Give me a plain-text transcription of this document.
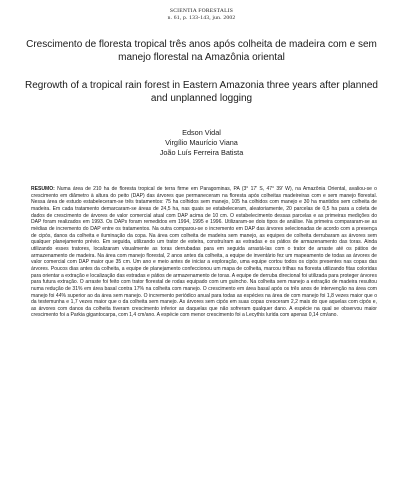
SCIENTIA FORESTALIS
n. 61, p. 133-143, jun. 2002
Crescimento de floresta tropical três anos após colheita de madeira com e sem manejo florestal na Amazônia oriental
Regrowth of a tropical rain forest in Eastern Amazonia three years after planned and unplanned logging
Edson Vidal
Virgílio Maurício Viana
João Luís Ferreira Batista

RESUMO: Numa área de 210 ha de floresta tropical de terra firme em Paragominas, PA (3° 17' S, 47° 39' W), na Amazônia Oriental, avaliou-se o crescimento em diâmetro à altura do peito (DAP) das árvores que permaneceram na floresta após colheitas madeireiras com e sem manejo florestal. Nessa área de estudo estabeleceram-se três tratamentos: 75 ha colhidos sem manejo, 105 ha colhidos com manejo e 30 ha mantidos sem colheita de madeira. Em cada tratamento demarcaram-se áreas de 24,5 ha, nas quais se estabeleceram, aleatoriamente, 20 parcelas de 0,5 ha para a coleta de dados de crescimento de árvores de valor comercial atual com DAP acima de 10 cm. O estabelecimento dessas parcelas e as primeiras medições do DAP foram realizados em 1993. Os DAPs foram remedidos em 1994, 1995 e 1996. Utilizaram-se dois tipos de análise. Na primeira compararam-se as médias de incremento do DAP entre os tratamentos. Na outra comparou-se o incremento em DAP das árvores selecionadas de acordo com a presença de cipós, danos da colheita e iluminação da copa. Na área com colheita de madeira sem manejo, as equipes de colheita derrubaram as árvores sem qualquer planejamento prévio. Em seguida, utilizando um trator de esteira, construíram as estradas e os pátios de armazenamento das toras. Ainda utilizando esses tratores, localizaram visualmente as toras derrubadas para em seguida arrastá-las com o trator de arraste até os pátios de armazenamento de madeira. Na área com manejo florestal, 2 anos antes da colheita, a equipe de inventário fez um mapeamento de todas as árvores de valor comercial com DAP maior que 35 cm. Um ano e meio antes de iniciar a exploração, uma equipe cortou todos os cipós presentes nas copas das árvores. Poucos dias antes da colheita, a equipe de planejamento confeccionou um mapa de colheita, marcou trilhas na floresta utilizando fitas coloridas para orientar a extração e localização das estradas e pátios de armazenamento de toras. A equipe de derruba direcional foi utilizada para proteger árvores para futura extração. O arraste foi feito com trator florestal de rodas equipado com um guincho. Na colheita sem manejo a extração de madeira resultou numa redução de 31% em área basal contra 17% na colheita com manejo. O crescimento em área basal após os três anos de intervenção na área com manejo foi 44% superior ao da área sem manejo. O incremento periódico anual para todas as espécies na área de com manejo foi 1,8 vezes maior que o da testemunha e 1,7 vezes maior que o da colheita sem manejo. As árvores sem cipós em suas copas cresceram 2,2 mais do que aquelas com cipós e, as árvores com danos da colheita tiveram crescimento inferior as daquelas que não sofreram qualquer dano. A espécie na qual se observou maior crescimento foi a Parkia gigantocarpa, com 1,4 cm/ano. A espécie com menor crescimento foi a Lecythis lurida com apenas 0,14 cm/ano.
